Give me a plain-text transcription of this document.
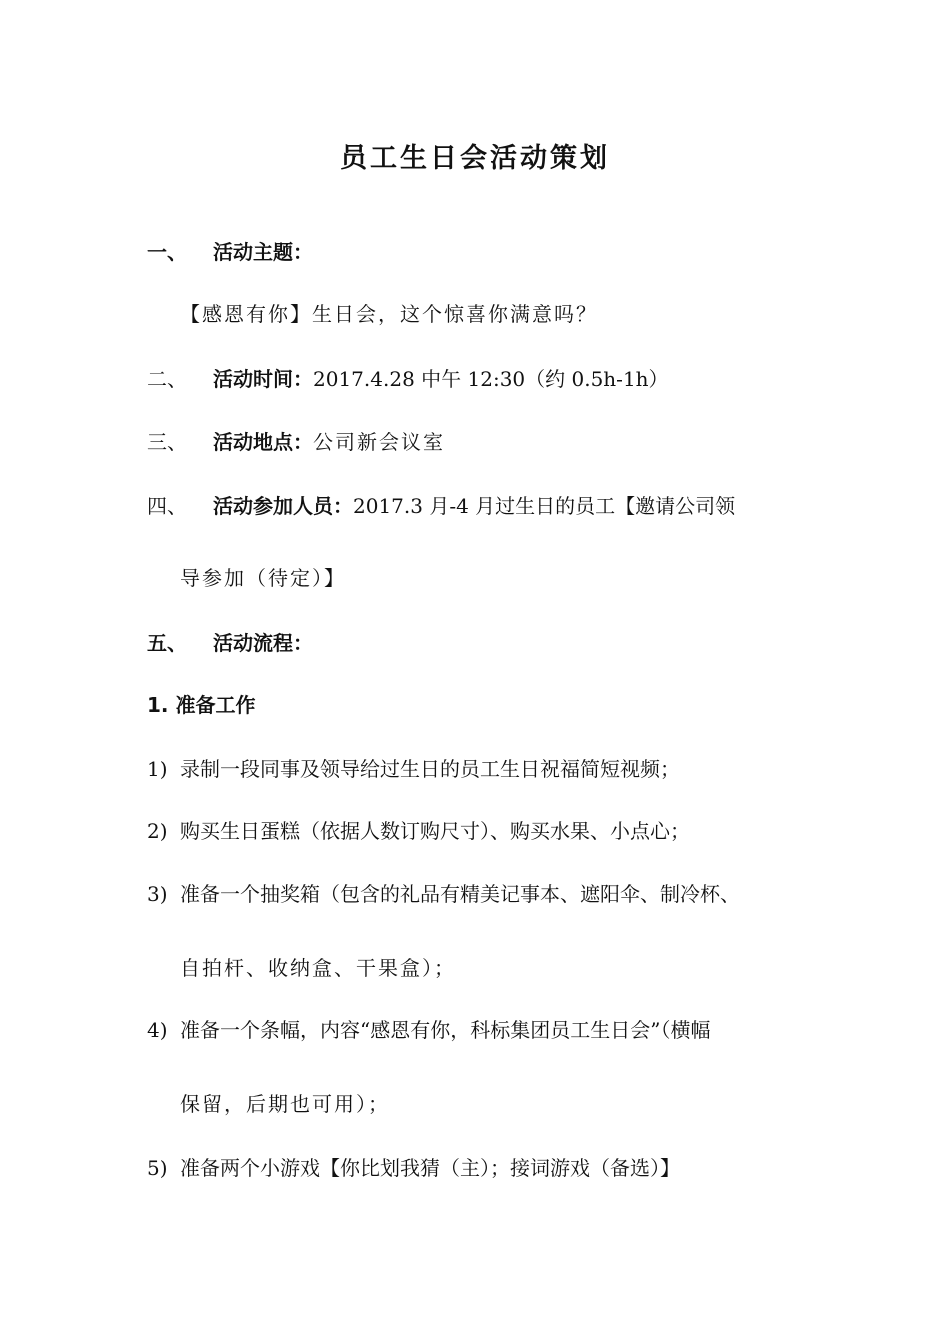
员工生日会活动策划
一、 活动主题：
【感恩有你】生日会，这个惊喜你满意吗？
二、 活动时间：2017.4.28 中午 12:30（约 0.5h-1h）
三、 活动地点：公司新会议室
四、 活动参加人员：2017.3 月-4 月过生日的员工【邀请公司领
导参加（待定）】
五、 活动流程：
1. 准备工作
1) 录制一段同事及领导给过生日的员工生日祝福简短视频；
2) 购买生日蛋糕（依据人数订购尺寸）、购买水果、小点心；
3) 准备一个抽奖箱（包含的礼品有精美记事本、遮阳伞、制冷杯、
自拍杆、收纳盒、干果盒）；
4) 准备一个条幅，内容“感恩有你，科标集团员工生日会”（横幅
保留，后期也可用）；
5) 准备两个小游戏【你比划我猜（主）；接词游戏（备选）】
